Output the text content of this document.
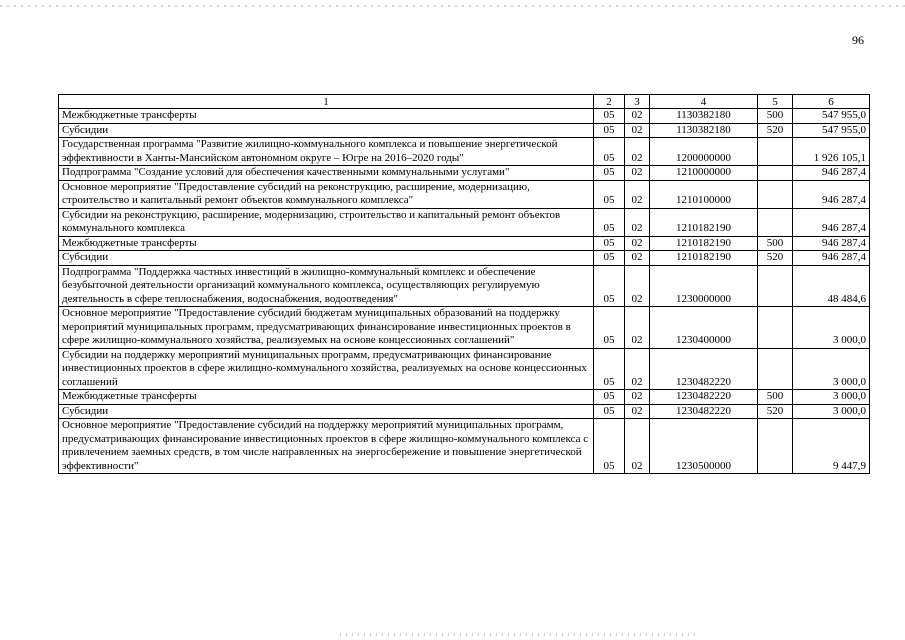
96
1	2	3	4	5	6
Межбюджетные трансферты	05	02	1130382180	500	547 955,0
Субсидии	05	02	1130382180	520	547 955,0
Государственная программа "Развитие жилищно-коммунального комплекса и повышение энергетической эффективности в Ханты-Мансийском автономном округе – Югре на 2016–2020 годы"	05	02	1200000000		1 926 105,1
Подпрограмма "Создание условий для обеспечения качественными коммунальными услугами"	05	02	1210000000		946 287,4
Основное мероприятие "Предоставление субсидий на реконструкцию, расширение, модернизацию, строительство и капитальный ремонт объектов коммунального комплекса"	05	02	1210100000		946 287,4
Субсидии на реконструкцию, расширение, модернизацию, строительство и капитальный ремонт объектов коммунального комплекса	05	02	1210182190		946 287,4
Межбюджетные трансферты	05	02	1210182190	500	946 287,4
Субсидии	05	02	1210182190	520	946 287,4
Подпрограмма "Поддержка частных инвестиций в жилищно-коммунальный комплекс и обеспечение безубыточной деятельности организаций коммунального комплекса, осуществляющих регулируемую деятельность в сфере теплоснабжения, водоснабжения, водоотведения"	05	02	1230000000		48 484,6
Основное мероприятие "Предоставление субсидий бюджетам муниципальных образований на поддержку мероприятий муниципальных программ, предусматривающих финансирование инвестиционных проектов в сфере жилищно-коммунального хозяйства, реализуемых на основе концессионных соглашений"	05	02	1230400000		3 000,0
Субсидии на поддержку мероприятий муниципальных программ, предусматривающих финансирование инвестиционных проектов в сфере жилищно-коммунального хозяйства, реализуемых на основе концессионных соглашений	05	02	1230482220		3 000,0
Межбюджетные трансферты	05	02	1230482220	500	3 000,0
Субсидии	05	02	1230482220	520	3 000,0
Основное мероприятие "Предоставление субсидий на поддержку мероприятий муниципальных программ, предусматривающих финансирование инвестиционных проектов в сфере жилищно-коммунального комплекса с привлечением заемных средств, в том числе направленных на энергосбережение и повышение энергетической эффективности"	05	02	1230500000		9 447,9
